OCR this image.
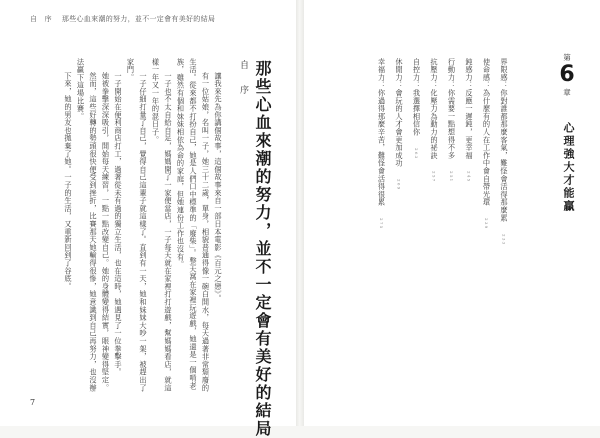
自　序 那些心血來潮的努力，並不一定會有美好的結局
自 序 那些心血來潮的努力，並不一定會有美好的結局

讓我來先為你講個故事，這個故事來自一部日本電影《百元之戀》。

有一位姑娘，名叫一子，她三十二歲，單身，相貌普通得像一碗白開水，每天過著非常頹廢的生活。從來都不打扮自己，她是人們口中標準的「廢柴」。整天窩在家裡玩遊戲，她還是一個啃老族，雖然有個和妹妹相依為命的家庭，但她連份工作也沒有。

一子也不太自給自足，媽媽開了一家便當店，一子每天就在家裡打打遊戲，幫媽媽看店，就這樣一年又一年的混日子。

一子仔細打量了自己，覺得自己這輩子就這樣了。直到有一天，她和妹妹大吵一架，被趕出了家門。

一子開始在便利商店打工，過著從未有過的獨立生活，也在這時，她遇見了一位拳擊手。

她被拳擊深深吸引，開始每天練習，一點一點改變自己。她的身體變得結實，眼神變得堅定。

然而，這些好轉的勢頭很快便受到挫折，比賽那天她輸得很慘，她意識到自己再努力，也沒辦法贏下這場比賽。

下來，她的男友也拋棄了她。一子的生活，又重新回到了谷底。

7
第
6
章
心理強大才能贏
界限感：你對誰都那麼客氣，難怪會活得那麼累
2 3 3
使命感：為什麼有的人在工作中會自帶光環
2 3 9
鈍感力：反應一遲鈍，更幸福
2 4 5
行動力：你需要一點想得不多
2 5 1
抗壓力：化壓力為動力的祕訣
2 5 7
自控力：我選擇相信你
2 6 3
休閒力：會玩的人才會更加成功
2 6 9
幸福力：你過得那麼辛苦，難怪會活得很累
2 7 5
